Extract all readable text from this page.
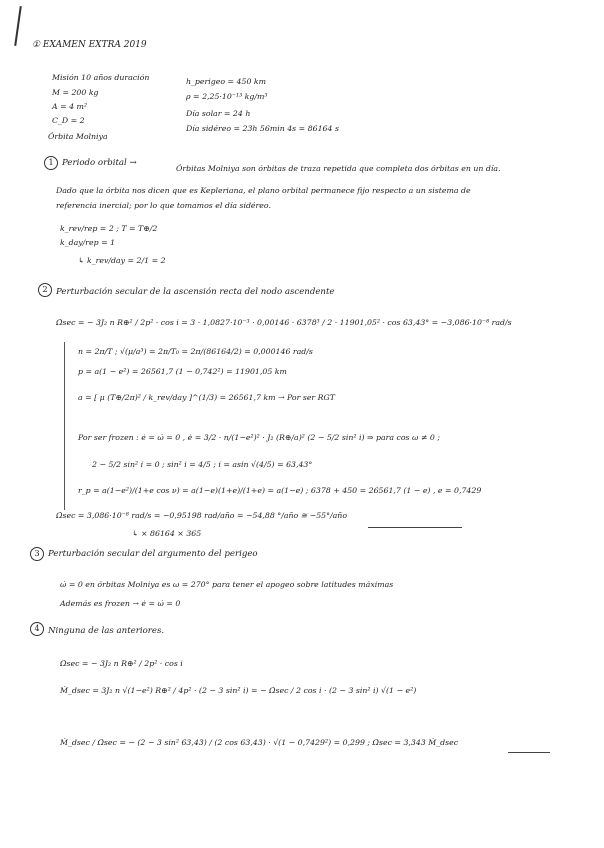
① EXAMEN EXTRA 2019
Misión 10 años duración
M = 200 kg
A = 4 m²
C_D = 2
Órbita Molniya
h_perigeo = 450 km
ρ = 2,25·10⁻¹³ kg/m³
Día solar = 24 h
Día sidéreo = 23h 56min 4s = 86164 s
1 Periodo orbital →
Órbitas Molniya son órbitas de traza repetida que completa dos órbitas en un día.
Dado que la órbita nos dicen que es Kepleriana, el plano orbital permanece fijo respecto a un sistema de
referencia inercial; por lo que tomamos el día sidéreo.
k_rev/rep = 2 ; T = T⊕/2
k_day/rep = 1
↳ k_rev/day = 2/1 = 2
2 Perturbación secular de la ascensión recta del nodo ascendente
Ω̇sec = − 3J₂ n R⊕² / 2p² · cos i = 3 · 1,0827·10⁻³ · 0,00146 · 6378³ / 2 · 11901,05² · cos 63,43° = −3,086·10⁻⁸ rad/s
n = 2π/T ; √(μ/a³) = 2π/T₀ = 2π/(86164/2) = 0,000146 rad/s
p = a(1 − e²) = 26561,7 (1 − 0,742²) = 11901,05 km
a = [ μ (T⊕/2π)² / k_rev/day ]^(1/3) = 26561,7 km → Por ser RGT
Por ser frozen : ė = ω̇ = 0 , ė = 3/2 · n/(1−e²)² · J₂ (R⊕/a)² (2 − 5/2 sin² i) ⇒ para cos ω ≠ 0 ;
2 − 5/2 sin² i = 0 ; sin² i = 4/5 ; i = asin √(4/5) = 63,43°
r_p = a(1−e²)/(1+e cos ν) = a(1−e)(1+e)/(1+e) = a(1−e) ; 6378 + 450 = 26561,7 (1 − e) , e = 0,7429
Ω̇sec = 3,086·10⁻⁸ rad/s = −0,95198 rad/año = −54,88 °/año ≅ −55°/año
↳ × 86164 × 365
3 Perturbación secular del argumento del perigeo
ω̇ = 0 en órbitas Molniya es ω = 270° para tener el apogeo sobre latitudes máximas
Además es frozen → ė = ω̇ = 0
4 Ninguna de las anteriores.
Ω̇sec = − 3J₂ n R⊕² / 2p² · cos i
Ṁ_dsec = 3J₂ n √(1−e²) R⊕² / 4p² · (2 − 3 sin² i) = − Ω̇sec / 2 cos i · (2 − 3 sin² i) √(1 − e²)
Ṁ_dsec / Ω̇sec = − (2 − 3 sin² 63,43) / (2 cos 63,43) · √(1 − 0,7429²) = 0,299 ; Ω̇sec = 3,343 Ṁ_dsec
